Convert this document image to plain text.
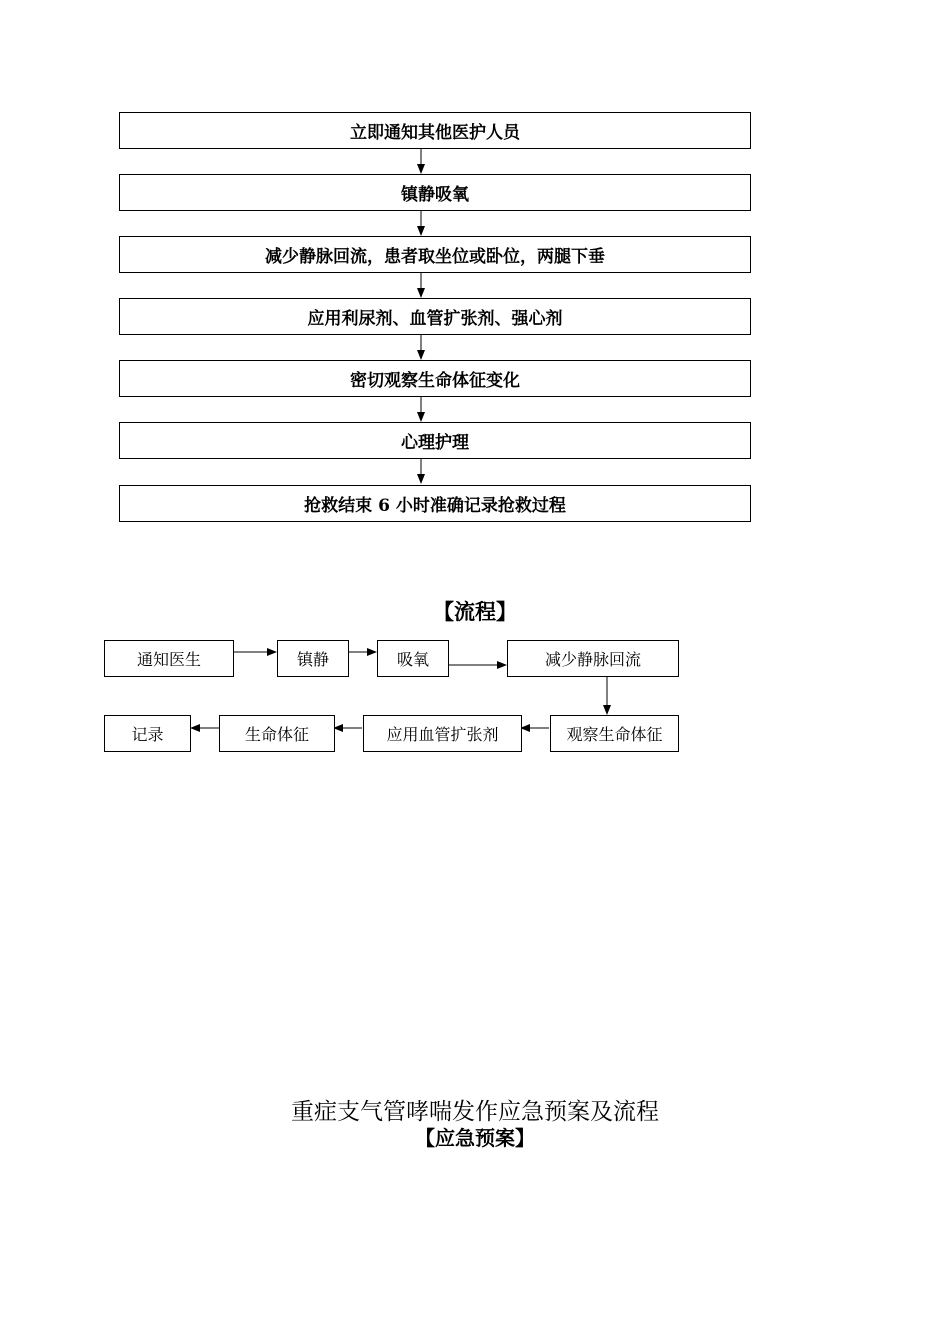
立即通知其他医护人员
镇静吸氧
减少静脉回流，患者取坐位或卧位，两腿下垂
应用利尿剂、血管扩张剂、强心剂
密切观察生命体征变化
心理护理
抢救结束 6 小时准确记录抢救过程
【流程】
通知医生	镇静	吸氧	减少静脉回流
记录	生命体征	应用血管扩张剂	观察生命体征
重症支气管哮喘发作应急预案及流程
【应急预案】
